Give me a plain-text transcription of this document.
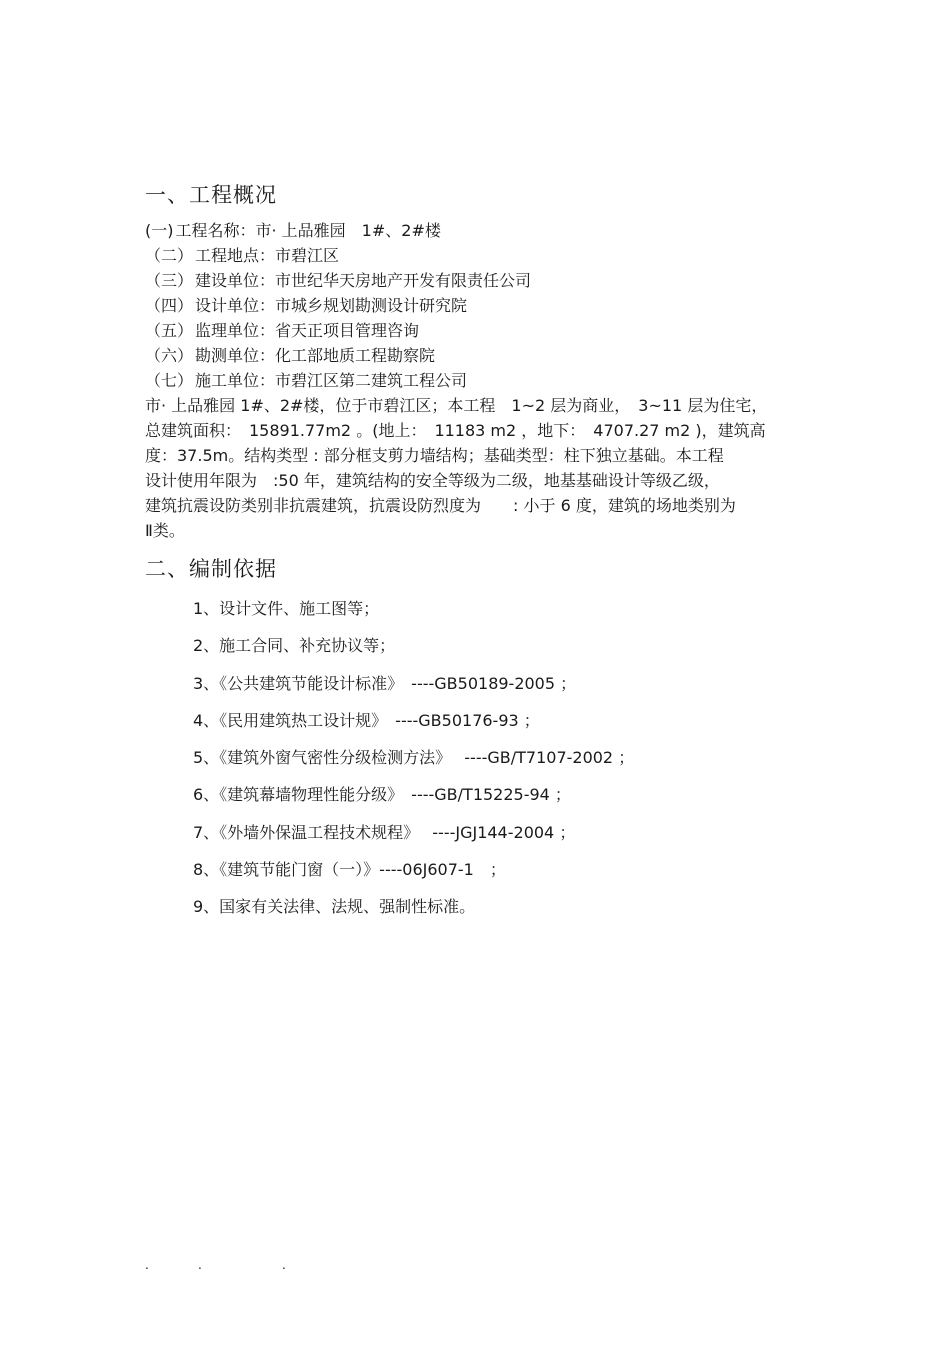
一、工程概况
(一) 工程名称：市· 上品雅园　1#、2#楼
（二） 工程地点：市碧江区
（三） 建设单位：市世纪华天房地产开发有限责任公司
（四） 设计单位：市城乡规划勘测设计研究院
（五） 监理单位：省天正项目管理咨询
（六） 勘测单位：化工部地质工程勘察院
（七） 施工单位：市碧江区第二建筑工程公司
市· 上品雅园 1#、2#楼，位于市碧江区；本工程　1~2 层为商业，　3~11 层为住宅，
总建筑面积：　15891.77m2 。(地上：　11183 m2 ，地下：　4707.27 m2 )，建筑高
度：37.5m。结构类型 : 部分框支剪力墙结构；基础类型：柱下独立基础。本工程
设计使用年限为　:50 年，建筑结构的安全等级为二级，地基基础设计等级乙级，
建筑抗震设防类别非抗震建筑，抗震设防烈度为　　: 小于 6 度，建筑的场地类别为
Ⅱ类。
二、编制依据
1、设计文件、施工图等；
2、施工合同、补充协议等；
3、《公共建筑节能设计标准》　----GB50189-2005 ；
4、《民用建筑热工设计规》　----GB50176-93 ；
5、《建筑外窗气密性分级检测方法》　 ----GB/T7107-2002 ；
6、《建筑幕墙物理性能分级》　----GB/T15225-94 ；
7、《外墙外保温工程技术规程》　 ----JGJ144-2004 ；
8、《建筑节能门窗（一）》----06J607-1　；
9、国家有关法律、法规、强制性标准。
.	.	.
